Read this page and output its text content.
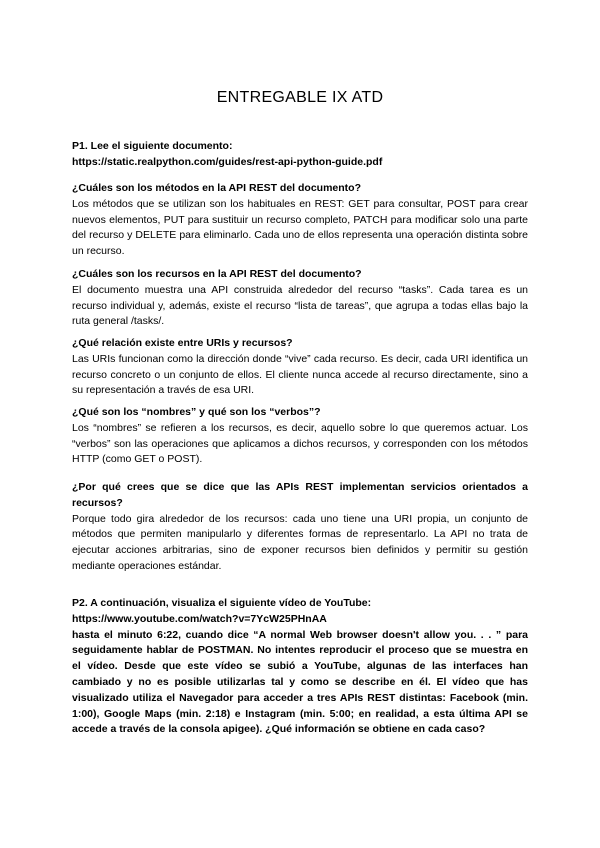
ENTREGABLE IX ATD
P1. Lee el siguiente documento:
https://static.realpython.com/guides/rest-api-python-guide.pdf
¿Cuáles son los métodos en la API REST del documento?
Los métodos que se utilizan son los habituales en REST: GET para consultar, POST para crear nuevos elementos, PUT para sustituir un recurso completo, PATCH para modificar solo una parte del recurso y DELETE para eliminarlo. Cada uno de ellos representa una operación distinta sobre un recurso.
¿Cuáles son los recursos en la API REST del documento?
El documento muestra una API construida alrededor del recurso “tasks”. Cada tarea es un recurso individual y, además, existe el recurso “lista de tareas”, que agrupa a todas ellas bajo la ruta general /tasks/.
¿Qué relación existe entre URIs y recursos?
Las URIs funcionan como la dirección donde “vive” cada recurso. Es decir, cada URI identifica un recurso concreto o un conjunto de ellos. El cliente nunca accede al recurso directamente, sino a su representación a través de esa URI.
¿Qué son los “nombres” y qué son los “verbos”?
Los “nombres” se refieren a los recursos, es decir, aquello sobre lo que queremos actuar. Los “verbos” son las operaciones que aplicamos a dichos recursos, y corresponden con los métodos HTTP (como GET o POST).
¿Por qué crees que se dice que las APIs REST implementan servicios orientados a recursos?
Porque todo gira alrededor de los recursos: cada uno tiene una URI propia, un conjunto de métodos que permiten manipularlo y diferentes formas de representarlo. La API no trata de ejecutar acciones arbitrarias, sino de exponer recursos bien definidos y permitir su gestión mediante operaciones estándar.
P2. A continuación, visualiza el siguiente vídeo de YouTube:
https://www.youtube.com/watch?v=7YcW25PHnAA
hasta el minuto 6:22, cuando dice “A normal Web browser doesn't allow you. . . ” para seguidamente hablar de POSTMAN. No intentes reproducir el proceso que se muestra en el vídeo. Desde que este vídeo se subió a YouTube, algunas de las interfaces han cambiado y no es posible utilizarlas tal y como se describe en él. El vídeo que has visualizado utiliza el Navegador para acceder a tres APIs REST distintas: Facebook (min. 1:00), Google Maps (min. 2:18) e Instagram (min. 5:00; en realidad, a esta última API se accede a través de la consola apigee). ¿Qué información se obtiene en cada caso?
